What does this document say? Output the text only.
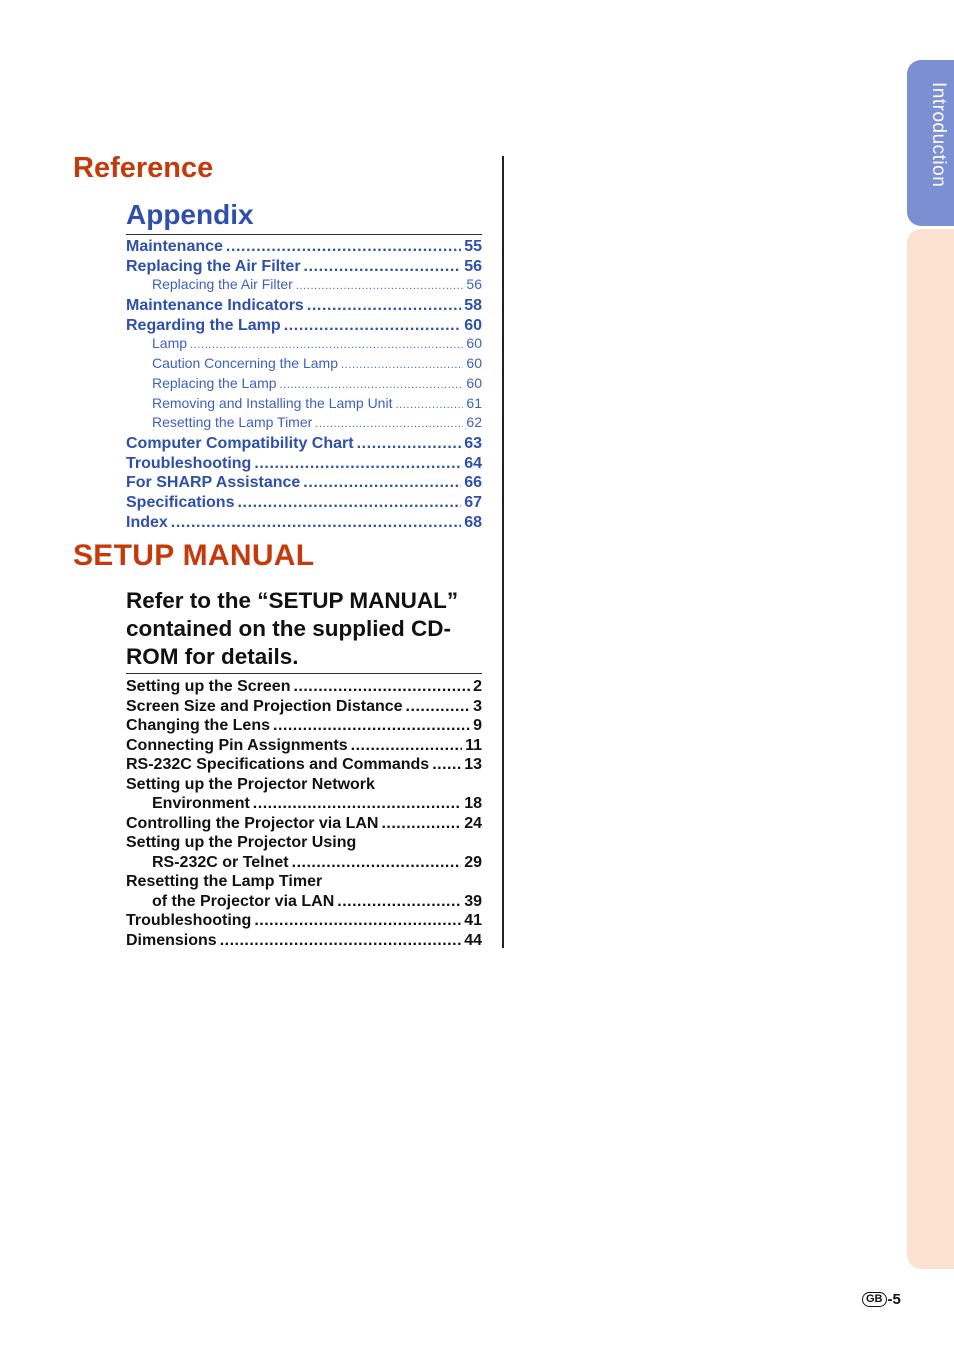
Introduction
Reference
Appendix
Maintenance .....	55
Replacing the Air Filter .....	56
Replacing the Air Filter .....	56
Maintenance Indicators .....	58
Regarding the Lamp .....	60
Lamp .....	60
Caution Concerning the Lamp .....	60
Replacing the Lamp .....	60
Removing and Installing the Lamp Unit .....	61
Resetting the Lamp Timer .....	62
Computer Compatibility Chart .....	63
Troubleshooting .....	64
For SHARP Assistance .....	66
Specifications .....	67
Index .....	68
SETUP MANUAL

Refer to the “SETUP MANUAL” contained on the supplied CD-ROM for details.

Setting up the Screen .....	2
Screen Size and Projection Distance .....	3
Changing the Lens .....	9
Connecting Pin Assignments .....	11
RS-232C Specifications and Commands ..... 13
Setting up the Projector Network
Environment .....	18
Controlling the Projector via LAN .....	24
Setting up the Projector Using
RS-232C or Telnet .....	29
Resetting the Lamp Timer
of the Projector via LAN .....	39
Troubleshooting .....	41
Dimensions .....	44
GB -5
